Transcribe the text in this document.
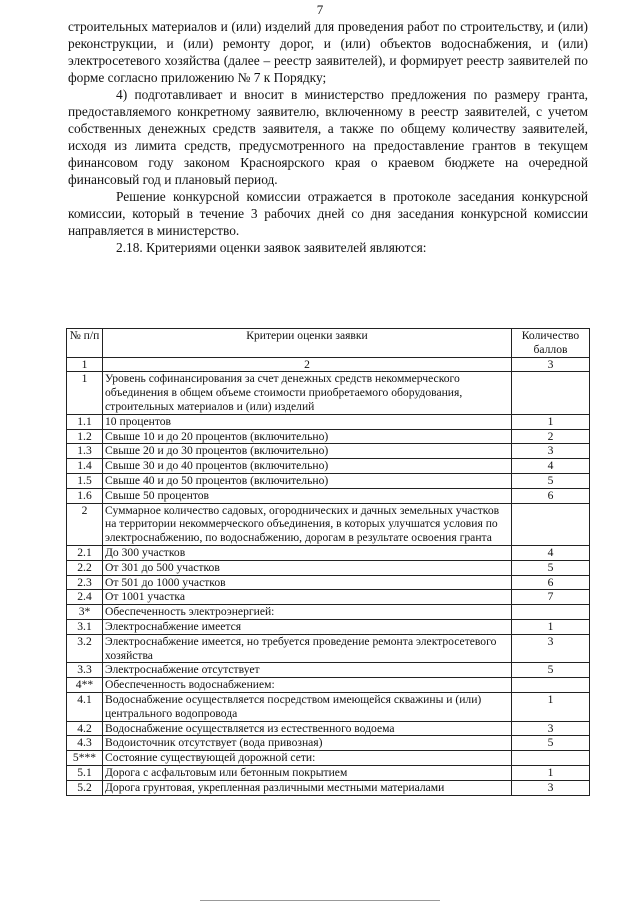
7

строительных материалов и (или) изделий для проведения работ по строительству, и (или) реконструкции, и (или) ремонту дорог, и (или) объектов водоснабжения, и (или) электросетевого хозяйства (далее – реестр заявителей), и формирует реестр заявителей по форме согласно приложению № 7 к Порядку;

4) подготавливает и вносит в министерство предложения по размеру гранта, предоставляемого конкретному заявителю, включенному в реестр заявителей, с учетом собственных денежных средств заявителя, а также по общему количеству заявителей, исходя из лимита средств, предусмотренного на предоставление грантов в текущем финансовом году законом Красноярского края о краевом бюджете на очередной финансовый год и плановый период.

Решение конкурсной комиссии отражается в протоколе заседания конкурсной комиссии, который в течение 3 рабочих дней со дня заседания конкурсной комиссии направляется в министерство.

2.18. Критериями оценки заявок заявителей являются:

№ п/п	Критерии оценки заявки	Количество баллов
1	2	3
1	Уровень софинансирования за счет денежных средств некоммерческого объединения в общем объеме стоимости приобретаемого оборудования, строительных материалов и (или) изделий	
1.1	10 процентов	1
1.2	Свыше 10 и до 20 процентов (включительно)	2
1.3	Свыше 20 и до 30 процентов (включительно)	3
1.4	Свыше 30 и до 40 процентов (включительно)	4
1.5	Свыше 40 и до 50 процентов (включительно)	5
1.6	Свыше 50 процентов	6
2	Суммарное количество садовых, огороднических и дачных земельных участков на территории некоммерческого объединения, в которых улучшатся условия по электроснабжению, по водоснабжению, дорогам в результате освоения гранта	
2.1	До 300 участков	4
2.2	От 301 до 500 участков	5
2.3	От 501 до 1000 участков	6
2.4	От 1001 участка	7
3*	Обеспеченность электроэнергией:	
3.1	Электроснабжение имеется	1
3.2	Электроснабжение имеется, но требуется проведение ремонта электросетевого хозяйства	3
3.3	Электроснабжение отсутствует	5
4**	Обеспеченность водоснабжением:	
4.1	Водоснабжение осуществляется посредством имеющейся скважины и (или) центрального водопровода	1
4.2	Водоснабжение осуществляется из естественного водоема	3
4.3	Водоисточник отсутствует (вода привозная)	5
5***	Состояние существующей дорожной сети:	
5.1	Дорога с асфальтовым или бетонным покрытием	1
5.2	Дорога грунтовая, укрепленная различными местными материалами	3
